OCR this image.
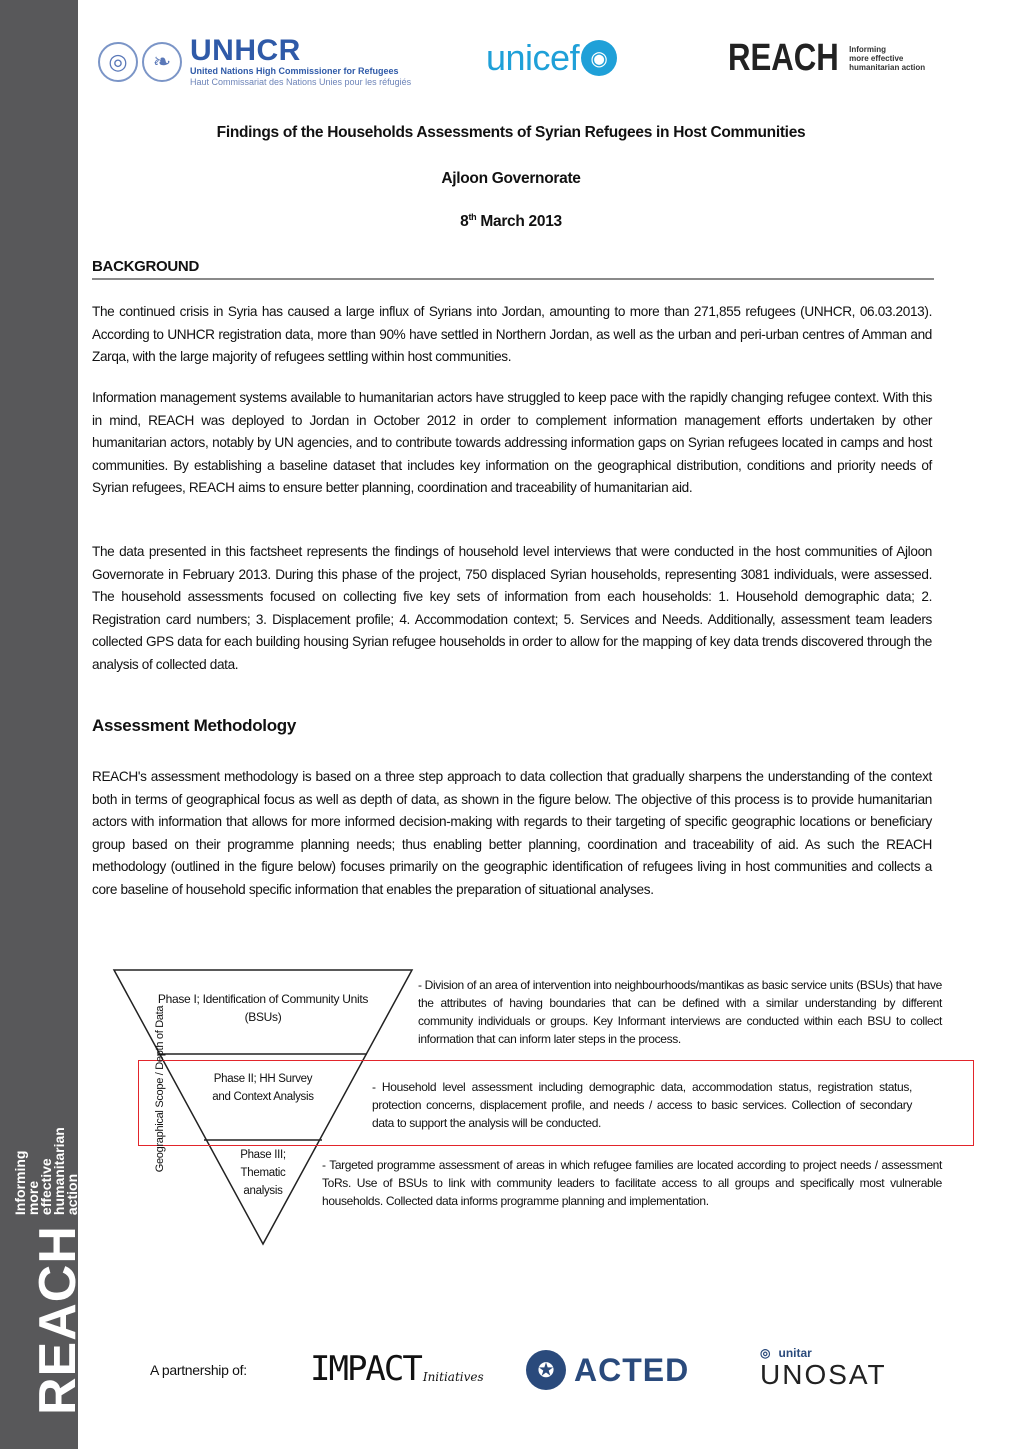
REACH
Informing
more effective
humanitarian action
◎	❧ UNHCR
United Nations High Commissioner for Refugees
Haut Commissariat des Nations Unies pour les réfugiés
unicef ◉	REACH Informing
more effective
humanitarian action
Findings of the Households Assessments of Syrian Refugees in Host Communities
Ajloon Governorate
8th March 2013
BACKGROUND

The continued crisis in Syria has caused a large influx of Syrians into Jordan, amounting to more than 271,855 refugees (UNHCR, 06.03.2013). According to UNHCR registration data, more than 90% have settled in Northern Jordan, as well as the urban and peri-urban centres of Amman and Zarqa, with the large majority of refugees settling within host communities.

Information management systems available to humanitarian actors have struggled to keep pace with the rapidly changing refugee context. With this in mind, REACH was deployed to Jordan in October 2012 in order to complement information management efforts undertaken by other humanitarian actors, notably by UN agencies, and to contribute towards addressing information gaps on Syrian refugees located in camps and host communities. By establishing a baseline dataset that includes key information on the geographical distribution, conditions and priority needs of Syrian refugees, REACH aims to ensure better planning, coordination and traceability of humanitarian aid.

The data presented in this factsheet represents the findings of household level interviews that were conducted in the host communities of Ajloon Governorate in February 2013. During this phase of the project, 750 displaced Syrian households, representing 3081 individuals, were assessed. The household assessments focused on collecting five key sets of information from each households: 1. Household demographic data; 2. Registration card numbers; 3. Displacement profile; 4. Accommodation context; 5. Services and Needs. Additionally, assessment team leaders collected GPS data for each building housing Syrian refugee households in order to allow for the mapping of key data trends discovered through the analysis of collected data.

Assessment Methodology

REACH's assessment methodology is based on a three step approach to data collection that gradually sharpens the understanding of the context both in terms of geographical focus as well as depth of data, as shown in the figure below. The objective of this process is to provide humanitarian actors with information that allows for more informed decision-making with regards to their targeting of specific geographic locations or beneficiary group based on their programme planning needs; thus enabling better planning, coordination and traceability of aid. As such the REACH methodology (outlined in the figure below) focuses primarily on the geographic identification of refugees living in host communities and collects a core baseline of household specific information that enables the preparation of situational analyses.

Geographical Scope / Depth of Data
Phase I; Identification of Community Units (BSUs)
Phase II; HH Survey and Context Analysis
Phase III; Thematic analysis
- Division of an area of intervention into neighbourhoods/mantikas as basic service units (BSUs) that have the attributes of having boundaries that can be defined with a similar understanding by different community individuals or groups. Key Informant interviews are conducted within each BSU to collect information that can inform later steps in the process.
- Household level assessment including demographic data, accommodation status, registration status, protection concerns, displacement profile, and needs / access to basic services. Collection of secondary data to support the analysis will be conducted.
- Targeted programme assessment of areas in which refugee families are located according to project needs / assessment ToRs. Use of BSUs to link with community leaders to facilitate access to all groups and specifically most vulnerable households. Collected data informs programme planning and implementation.
A partnership of: IMPACT Initiatives	✪ ACTED	◎ unitar
UNOSAT
